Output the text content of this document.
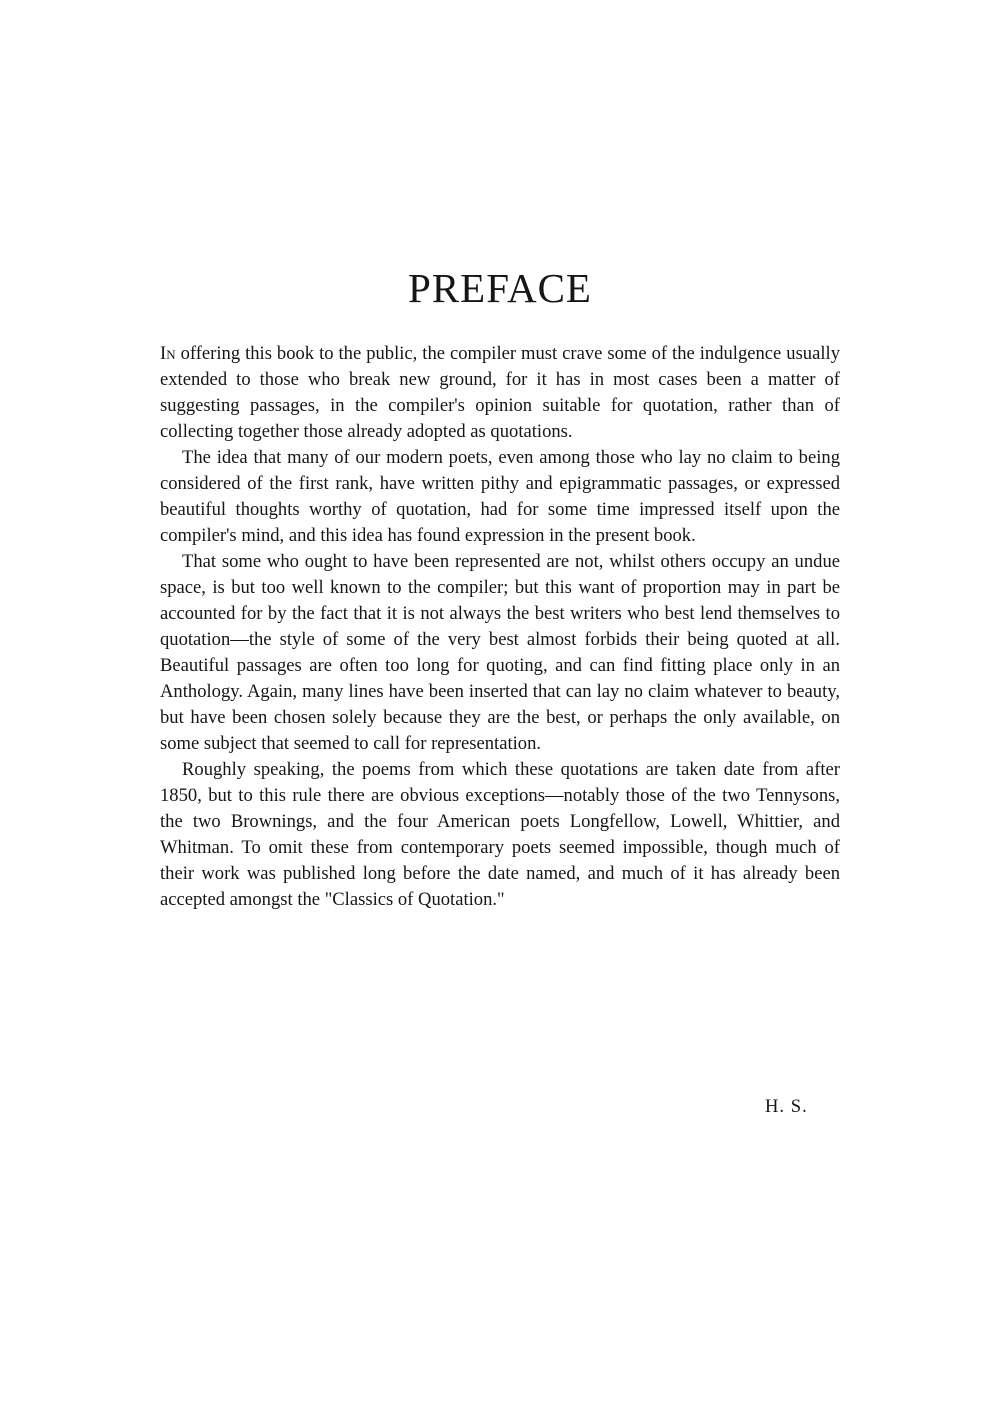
PREFACE

In offering this book to the public, the compiler must crave some of the indulgence usually extended to those who break new ground, for it has in most cases been a matter of suggesting passages, in the compiler's opinion suitable for quotation, rather than of collecting together those already adopted as quotations.

The idea that many of our modern poets, even among those who lay no claim to being considered of the first rank, have written pithy and epigrammatic passages, or expressed beautiful thoughts worthy of quotation, had for some time impressed itself upon the compiler's mind, and this idea has found expression in the present book.

That some who ought to have been represented are not, whilst others occupy an undue space, is but too well known to the compiler; but this want of proportion may in part be accounted for by the fact that it is not always the best writers who best lend themselves to quotation—the style of some of the very best almost forbids their being quoted at all. Beautiful passages are often too long for quoting, and can find fitting place only in an Anthology. Again, many lines have been inserted that can lay no claim whatever to beauty, but have been chosen solely because they are the best, or perhaps the only available, on some subject that seemed to call for representation.

Roughly speaking, the poems from which these quotations are taken date from after 1850, but to this rule there are obvious exceptions—notably those of the two Tennysons, the two Brownings, and the four American poets Longfellow, Lowell, Whittier, and Whitman. To omit these from contemporary poets seemed impossible, though much of their work was published long before the date named, and much of it has already been accepted amongst the "Classics of Quotation."

H. S.
